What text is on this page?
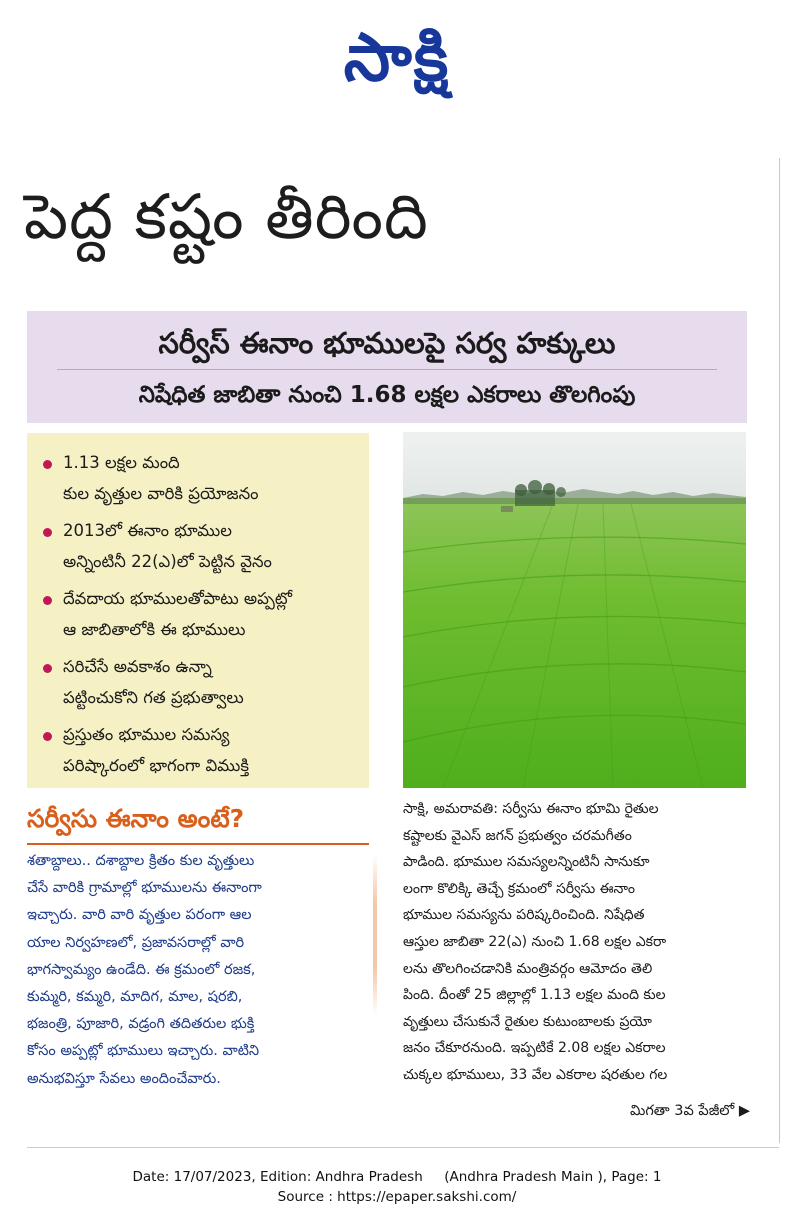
సాక్షి
పెద్ద కష్టం తీరింది
సర్వీస్‌ ఈనాం భూములపై సర్వ హక్కులు
నిషేధిత జాబితా నుంచి 1.68 లక్షల ఎకరాలు తొలగింపు
1.13 లక్షల మంది
కుల వృత్తుల వారికి ప్రయోజనం
2013లో ఈనాం భూముల
అన్నింటినీ 22(ఎ)లో పెట్టిన వైనం
దేవదాయ భూములతోపాటు అప్పట్లో
ఆ జాబితాలోకి ఈ భూములు
సరిచేసే అవకాశం ఉన్నా
పట్టించుకోని గత ప్రభుత్వాలు
ప్రస్తుతం భూముల సమస్య
పరిష్కారంలో భాగంగా విముక్తి
సర్వీసు ఈనాం అంటే?
శతాబ్దాలు.. దశాబ్దాల క్రితం కుల వృత్తులు
చేసే వారికి గ్రామాల్లో భూములను ఈనాంగా
ఇచ్చారు. వారి వారి వృత్తుల పరంగా ఆల
యాల నిర్వహణలో, ప్రజావసరాల్లో వారి
భాగస్వామ్యం ఉండేది. ఈ క్రమంలో రజక,
కుమ్మరి, కమ్మరి, మాదిగ, మాల, షరబి,
భజంత్రి, పూజారి, వడ్రంగి తదితరుల భుక్తి
కోసం అప్పట్లో భూములు ఇచ్చారు. వాటిని
అనుభవిస్తూ సేవలు అందించేవారు.
సాక్షి, అమరావతి: సర్వీసు ఈనాం భూమి రైతుల
కష్టాలకు వైఎస్‌ జగన్‌ ప్రభుత్వం చరమగీతం
పాడింది. భూముల సమస్యలన్నింటినీ సానుకూ
లంగా కొలిక్కి తెచ్చే క్రమంలో సర్వీసు ఈనాం
భూముల సమస్యను పరిష్కరించింది. నిషేధిత
ఆస్తుల జాబితా 22(ఎ) నుంచి 1.68 లక్షల ఎకరా
లను తొలగించడానికి మంత్రివర్గం ఆమోదం తెలి
పింది. దీంతో 25 జిల్లాల్లో 1.13 లక్షల మంది కుల
వృత్తులు చేసుకునే రైతుల కుటుంబాలకు ప్రయో
జనం చేకూరనుంది. ఇప్పటికే 2.08 లక్షల ఎకరాల
చుక్కల భూములు, 33 వేల ఎకరాల షరతుల గల
మిగతా 3వ పేజీలో ▶
Date: 17/07/2023, Edition: Andhra Pradesh     (Andhra Pradesh Main ), Page: 1
Source : https://epaper.sakshi.com/
